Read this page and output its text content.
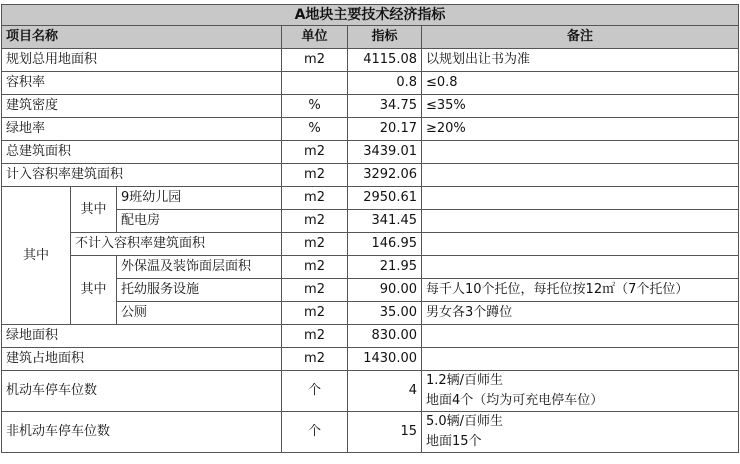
A地块主要技术经济指标					
项目名称			单位	指标	备注
规划总用地面积			m2	4115.08	以规划出让书为准
容积率				0.8	≤0.8
建筑密度			%	34.75	≤35%
绿地率			%	20.17	≥20%
总建筑面积			m2	3439.01	
计入容积率建筑面积			m2	3292.06	
其中	其中	9班幼儿园	m2	2950.61	
		配电房	m2	341.45	
	不计入容积率建筑面积		m2	146.95	
	其中	外保温及装饰面层面积	m2	21.95	
		托幼服务设施	m2	90.00	每千人10个托位，每托位按12㎡（7个托位）
		公厕	m2	35.00	男女各3个蹲位
绿地面积			m2	830.00	
建筑占地面积			m2	1430.00	
机动车停车位数			个	4	1.2辆/百师生
地面4个（均为可充电停车位）

非机动车停车位数			个	15	5.0辆/百师生
地面15个
